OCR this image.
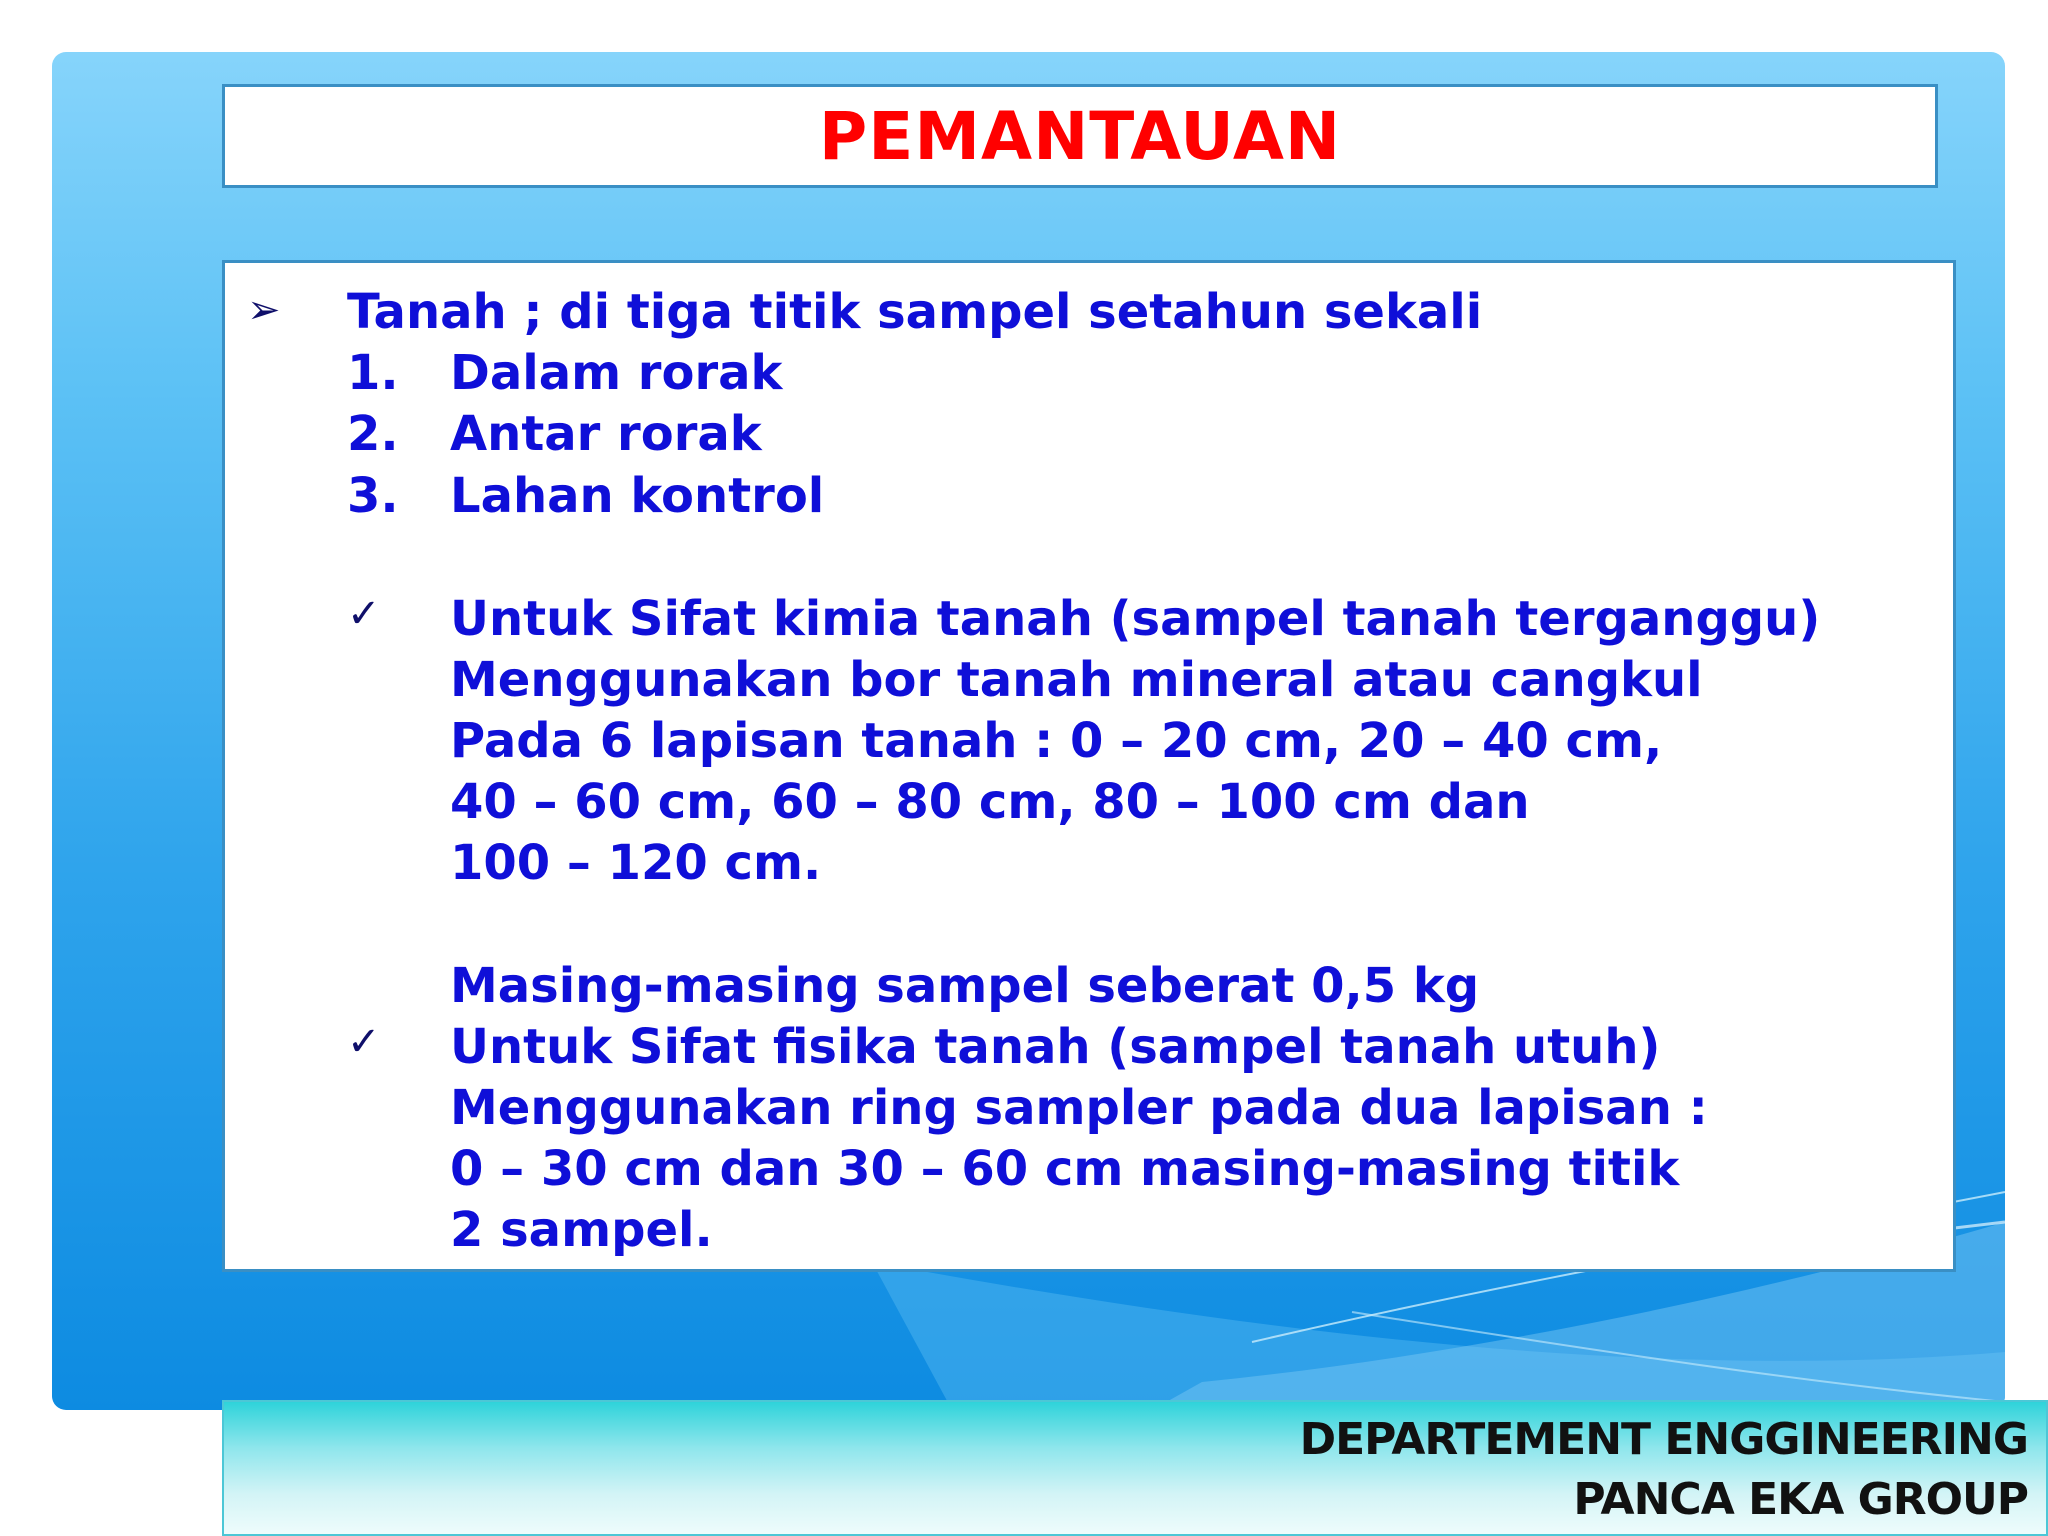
PEMANTAUAN
➢ Tanah ; di tiga titik sampel setahun sekali
1. Dalam rorak
2. Antar rorak
3. Lahan kontrol
✓ Untuk Sifat kimia tanah (sampel tanah terganggu)
Menggunakan bor tanah mineral atau cangkul
Pada 6 lapisan tanah : 0 – 20 cm, 20 – 40 cm,
40 – 60 cm, 60 – 80 cm, 80 – 100 cm dan
100 – 120 cm.
Masing-masing sampel seberat 0,5 kg
✓ Untuk Sifat fisika tanah (sampel tanah utuh)
Menggunakan ring sampler pada dua lapisan :
0 – 30 cm dan 30 – 60 cm masing-masing titik
2 sampel.
DEPARTEMENT ENGGINEERING
PANCA EKA GROUP
